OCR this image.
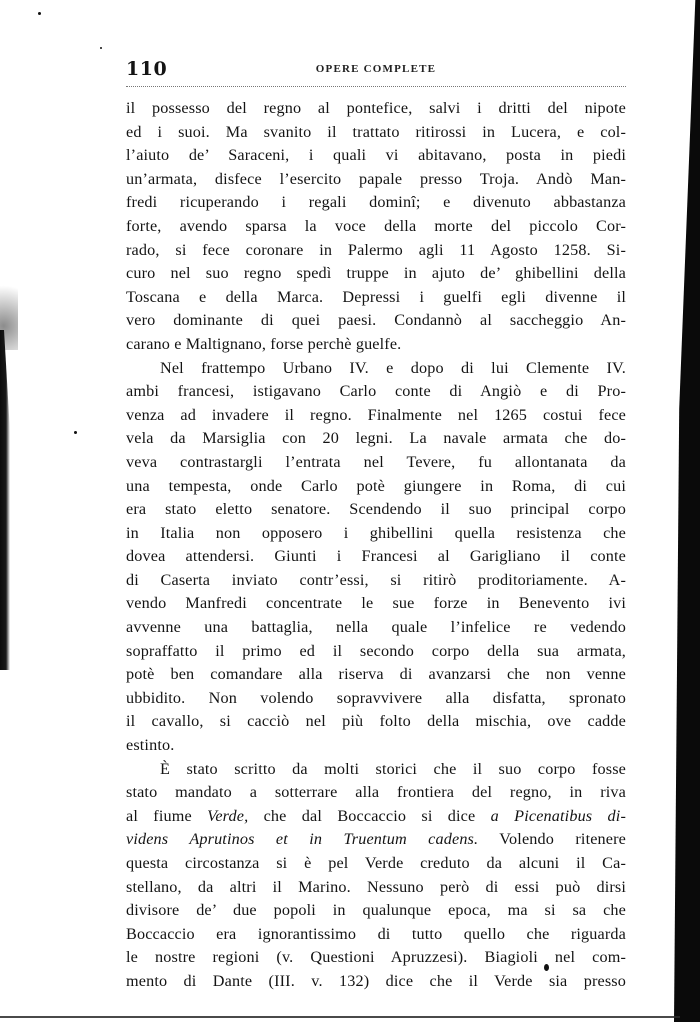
110	OPERE COMPLETE
il possesso del regno al pontefice, salvi i dritti del nipote
ed i suoi. Ma svanito il trattato ritirossi in Lucera, e col-
l’aiuto de’ Saraceni, i quali vi abitavano, posta in piedi
un’armata, disfece l’esercito papale presso Troja. Andò Man-
fredi ricuperando i regali dominî; e divenuto abbastanza
forte, avendo sparsa la voce della morte del piccolo Cor-
rado, si fece coronare in Palermo agli 11 Agosto 1258. Si-
curo nel suo regno spedì truppe in ajuto de’ ghibellini della
Toscana e della Marca. Depressi i guelfi egli divenne il
vero dominante di quei paesi. Condannò al saccheggio An-
carano e Maltignano, forse perchè guelfe.
Nel frattempo Urbano IV. e dopo di lui Clemente IV.
ambi francesi, istigavano Carlo conte di Angiò e di Pro-
venza ad invadere il regno. Finalmente nel 1265 costui fece
vela da Marsiglia con 20 legni. La navale armata che do-
veva contrastargli l’entrata nel Tevere, fu allontanata da
una tempesta, onde Carlo potè giungere in Roma, di cui
era stato eletto senatore. Scendendo il suo principal corpo
in Italia non opposero i ghibellini quella resistenza che
dovea attendersi. Giunti i Francesi al Garigliano il conte
di Caserta inviato contr’essi, si ritirò proditoriamente. A-
vendo Manfredi concentrate le sue forze in Benevento ivi
avvenne una battaglia, nella quale l’infelice re vedendo
sopraffatto il primo ed il secondo corpo della sua armata,
potè ben comandare alla riserva di avanzarsi che non venne
ubbidito. Non volendo sopravvivere alla disfatta, spronato
il cavallo, si cacciò nel più folto della mischia, ove cadde
estinto.
È stato scritto da molti storici che il suo corpo fosse
stato mandato a sotterrare alla frontiera del regno, in riva
al fiume Verde, che dal Boccaccio si dice a Picenatibus di-
videns Aprutinos et in Truentum cadens. Volendo ritenere
questa circostanza si è pel Verde creduto da alcuni il Ca-
stellano, da altri il Marino. Nessuno però di essi può dirsi
divisore de’ due popoli in qualunque epoca, ma si sa che
Boccaccio era ignorantissimo di tutto quello che riguarda
le nostre regioni (v. Questioni Apruzzesi). Biagioli nel com-
mento di Dante (III. v. 132) dice che il Verde sia presso
